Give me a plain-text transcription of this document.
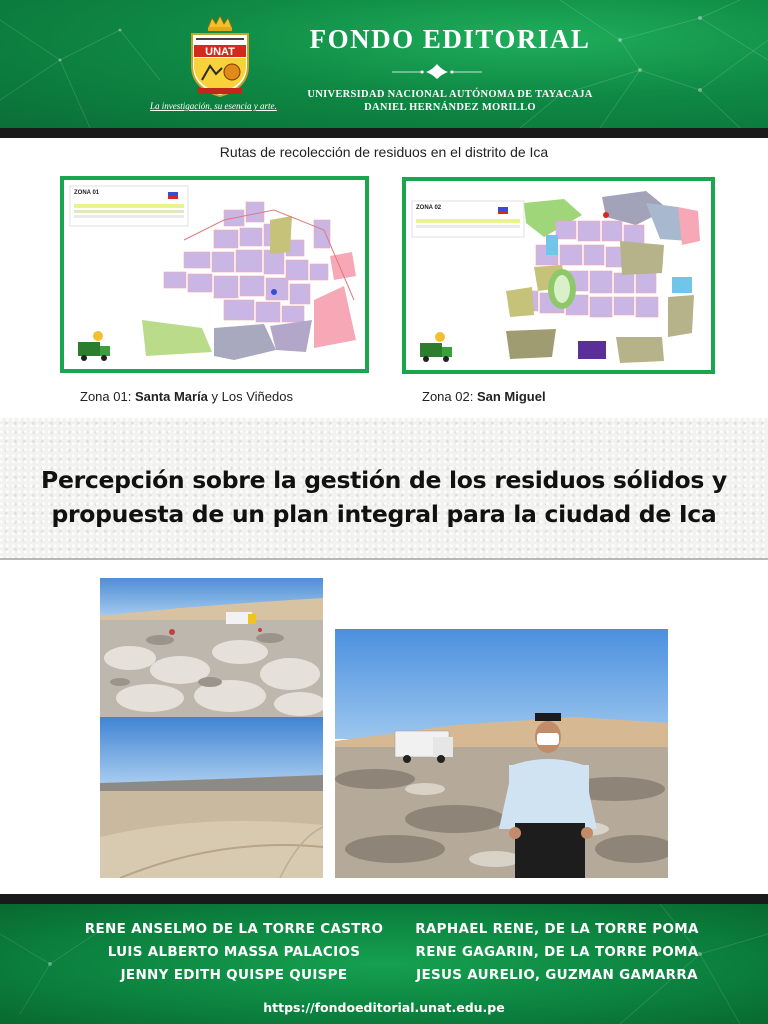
UNAT
La investigación, su esencia y arte.
FONDO EDITORIAL
UNIVERSIDAD NACIONAL AUTÓNOMA DE TAYACAJA
DANIEL HERNÁNDEZ MORILLO
Rutas de recolección de residuos en el distrito de Ica
ZONA 01
ZONA 02
Zona 01: Santa María y Los Viñedos	Zona 02: San Miguel
Percepción sobre la gestión de los residuos sólidos y
propuesta de un plan integral para la ciudad de Ica
RENE ANSELMO DE LA TORRE CASTRO
LUIS ALBERTO MASSA PALACIOS
JENNY EDITH QUISPE QUISPE
RAPHAEL RENE, DE LA TORRE POMA
RENE GAGARIN, DE LA TORRE POMA
JESUS AURELIO, GUZMAN GAMARRA
https://fondoeditorial.unat.edu.pe
